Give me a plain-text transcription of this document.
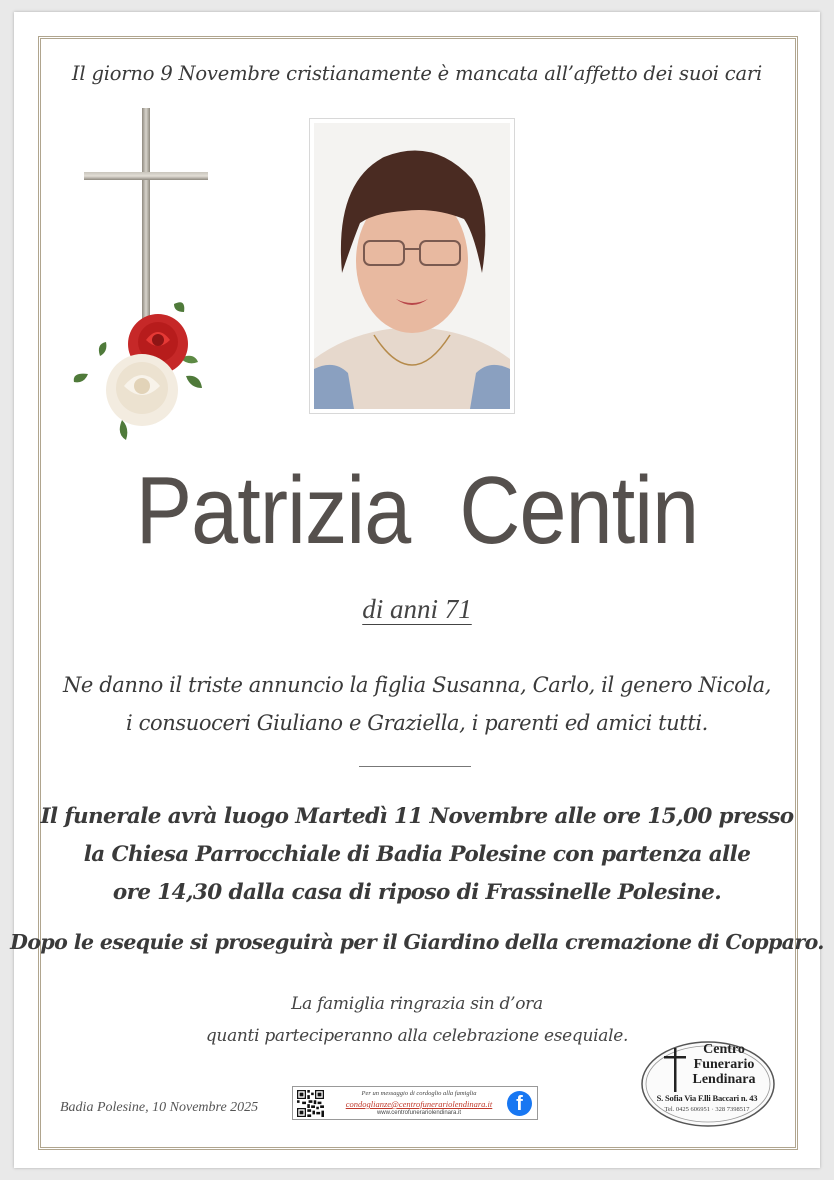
Il giorno 9 Novembre cristianamente è mancata all’affetto dei suoi cari
Patrizia Centin
di anni 71
Ne danno il triste annuncio la figlia Susanna, Carlo, il genero Nicola,
i consuoceri Giuliano e Graziella, i parenti ed amici tutti.
Il funerale avrà luogo Martedì 11 Novembre alle ore 15,00 presso
la Chiesa Parrocchiale di Badia Polesine con partenza alle
ore 14,30 dalla casa di riposo di Frassinelle Polesine.
Dopo le esequie si proseguirà per il Giardino della cremazione di Copparo.
La famiglia ringrazia sin d’ora
quanti parteciperanno alla celebrazione esequiale.
Badia Polesine, 10 Novembre 2025
Per un messaggio di cordoglio alla famiglia
condoglianze@centrofunerariolendinara.it
www.centrofunerariolendinara.it	f
Centro
Funerario
Lendinara
S. Sofia Via F.lli Baccari n. 43
Tel. 0425 606951 · 328 7398517
